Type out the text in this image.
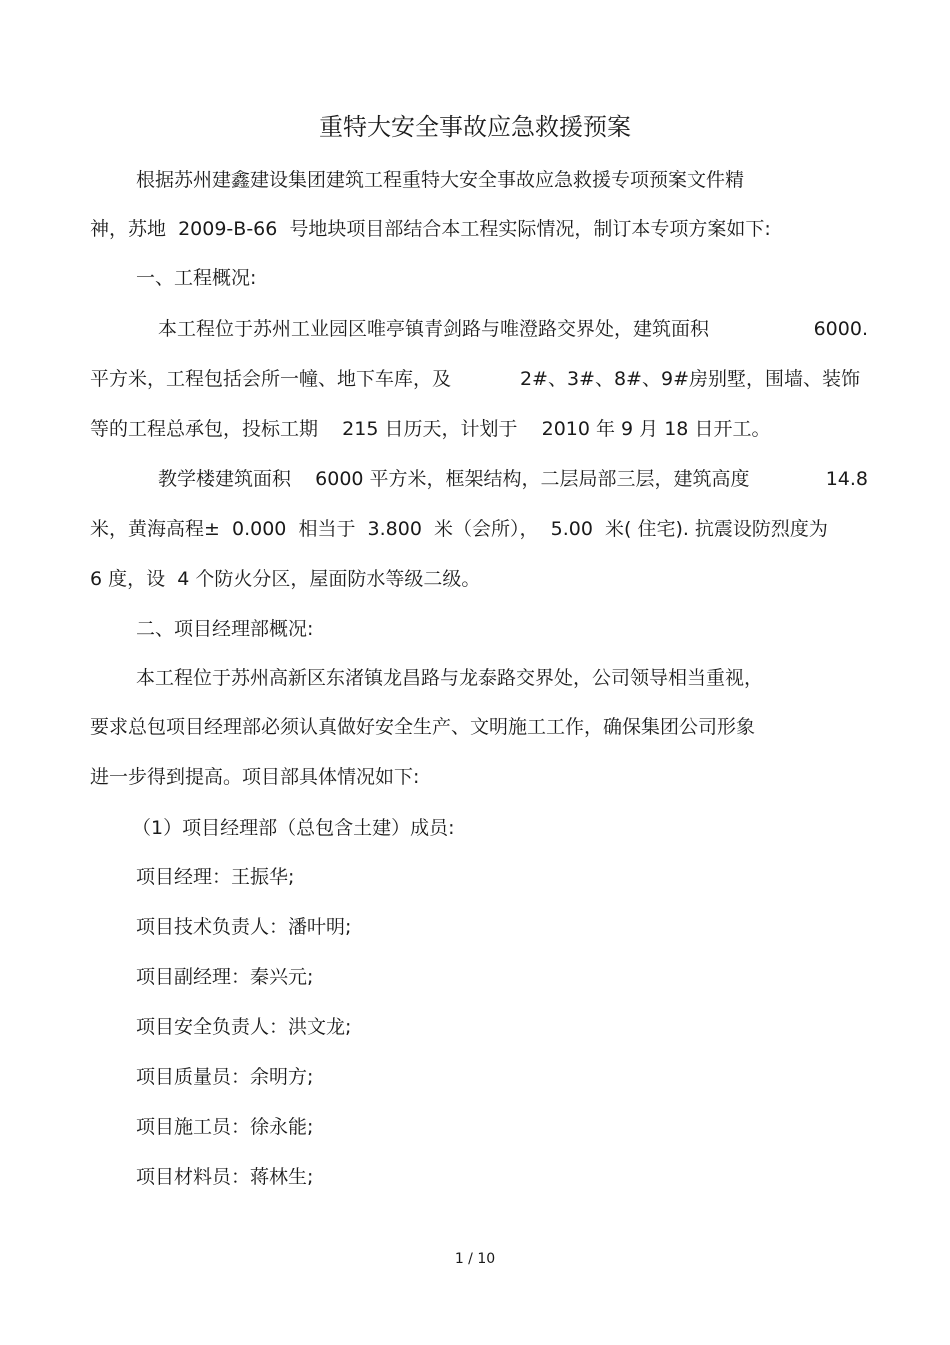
重特大安全事故应急救援预案
根据苏州建鑫建设集团建筑工程重特大安全事故应急救援专项预案文件精
神，苏地  2009-B-66  号地块项目部结合本工程实际情况，制订本专项方案如下:
一、工程概况:
本工程位于苏州工业园区唯亭镇青剑路与唯澄路交界处，建筑面积	6000.
平方米，工程包括会所一幢、地下车库，及	2#、3#、8#、9#房别墅，围墙、装饰
等的工程总承包，投标工期    215 日历天，计划于    2010 年 9 月 18 日开工。
教学楼建筑面积    6000 平方米，框架结构，二层局部三层，建筑高度	14.8
米，黄海高程±  0.000  相当于  3.800  米（会所），  5.00  米( 住宅). 抗震设防烈度为
6 度，设  4 个防火分区，屋面防水等级二级。
二、项目经理部概况:
本工程位于苏州高新区东渚镇龙昌路与龙泰路交界处，公司领导相当重视，
要求总包项目经理部必须认真做好安全生产、文明施工工作，确保集团公司形象
进一步得到提高。项目部具体情况如下:
（1）项目经理部（总包含土建）成员:
项目经理：王振华;
项目技术负责人：潘叶明;
项目副经理：秦兴元;
项目安全负责人：洪文龙;
项目质量员：余明方;
项目施工员：徐永能;
项目材料员：蒋林生;
1 / 10
